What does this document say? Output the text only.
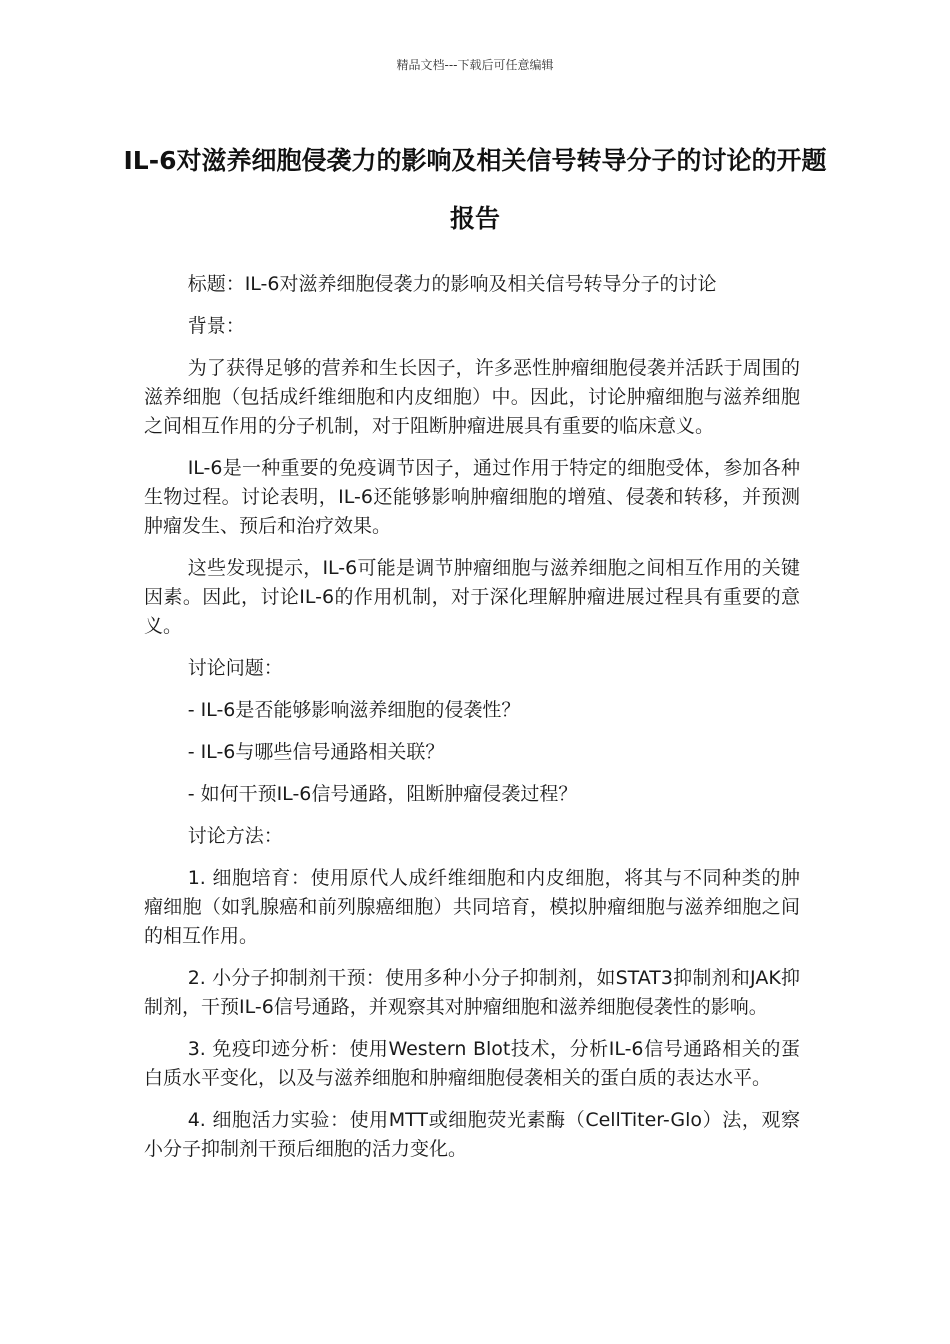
精品文档---下载后可任意编辑
IL-6对滋养细胞侵袭力的影响及相关信号转导分子的讨论的开题报告

标题：IL-6对滋养细胞侵袭力的影响及相关信号转导分子的讨论

背景：

为了获得足够的营养和生长因子，许多恶性肿瘤细胞侵袭并活跃于周围的滋养细胞（包括成纤维细胞和内皮细胞）中。因此，讨论肿瘤细胞与滋养细胞之间相互作用的分子机制，对于阻断肿瘤进展具有重要的临床意义。

IL-6是一种重要的免疫调节因子，通过作用于特定的细胞受体，参加各种生物过程。讨论表明，IL-6还能够影响肿瘤细胞的增殖、侵袭和转移，并预测肿瘤发生、预后和治疗效果。

这些发现提示，IL-6可能是调节肿瘤细胞与滋养细胞之间相互作用的关键因素。因此，讨论IL-6的作用机制，对于深化理解肿瘤进展过程具有重要的意义。

讨论问题：

- IL-6是否能够影响滋养细胞的侵袭性？

- IL-6与哪些信号通路相关联？

- 如何干预IL-6信号通路，阻断肿瘤侵袭过程？

讨论方法：

1. 细胞培育：使用原代人成纤维细胞和内皮细胞，将其与不同种类的肿瘤细胞（如乳腺癌和前列腺癌细胞）共同培育，模拟肿瘤细胞与滋养细胞之间的相互作用。

2. 小分子抑制剂干预：使用多种小分子抑制剂，如STAT3抑制剂和JAK抑制剂，干预IL-6信号通路，并观察其对肿瘤细胞和滋养细胞侵袭性的影响。

3. 免疫印迹分析：使用Western Blot技术，分析IL-6信号通路相关的蛋白质水平变化，以及与滋养细胞和肿瘤细胞侵袭相关的蛋白质的表达水平。

4. 细胞活力实验：使用MTT或细胞荧光素酶（CellTiter-Glo）法，观察小分子抑制剂干预后细胞的活力变化。
